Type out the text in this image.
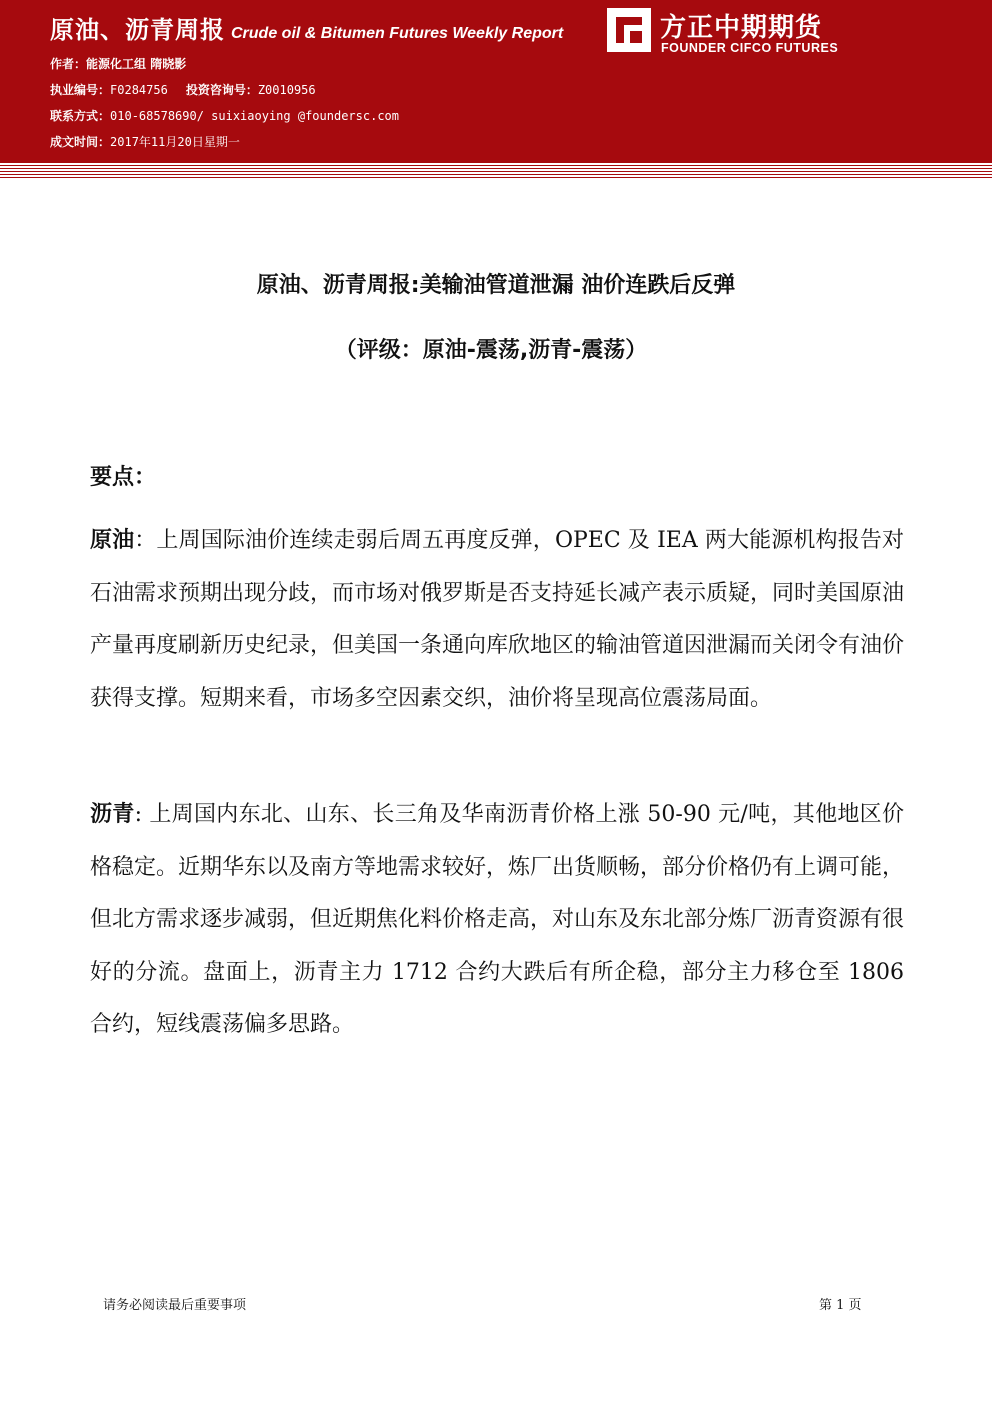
原油、沥青周报 Crude oil & Bitumen Futures Weekly Report
作者：能源化工组 隋晓影
执业编号：F0284756 投资咨询号：Z0010956
联系方式：010-68578690/ suixiaoying @foundersc.com
成文时间：2017年11月20日星期一
方正中期期货
FOUNDER CIFCO FUTURES
原油、沥青周报:美输油管道泄漏 油价连跌后反弹
（评级：原油-震荡,沥青-震荡）
要点：
原油：上周国际油价连续走弱后周五再度反弹，OPEC 及 IEA 两大能源机构报告对石油需求预期出现分歧，而市场对俄罗斯是否支持延长减产表示质疑，同时美国原油产量再度刷新历史纪录，但美国一条通向库欣地区的输油管道因泄漏而关闭令有油价获得支撑。短期来看，市场多空因素交织，油价将呈现高位震荡局面。
沥青: 上周国内东北、山东、长三角及华南沥青价格上涨 50-90 元/吨，其他地区价格稳定。近期华东以及南方等地需求较好，炼厂出货顺畅，部分价格仍有上调可能，但北方需求逐步减弱，但近期焦化料价格走高，对山东及东北部分炼厂沥青资源有很好的分流。盘面上，沥青主力 1712 合约大跌后有所企稳，部分主力移仓至 1806 合约，短线震荡偏多思路。
请务必阅读最后重要事项	第 1 页
